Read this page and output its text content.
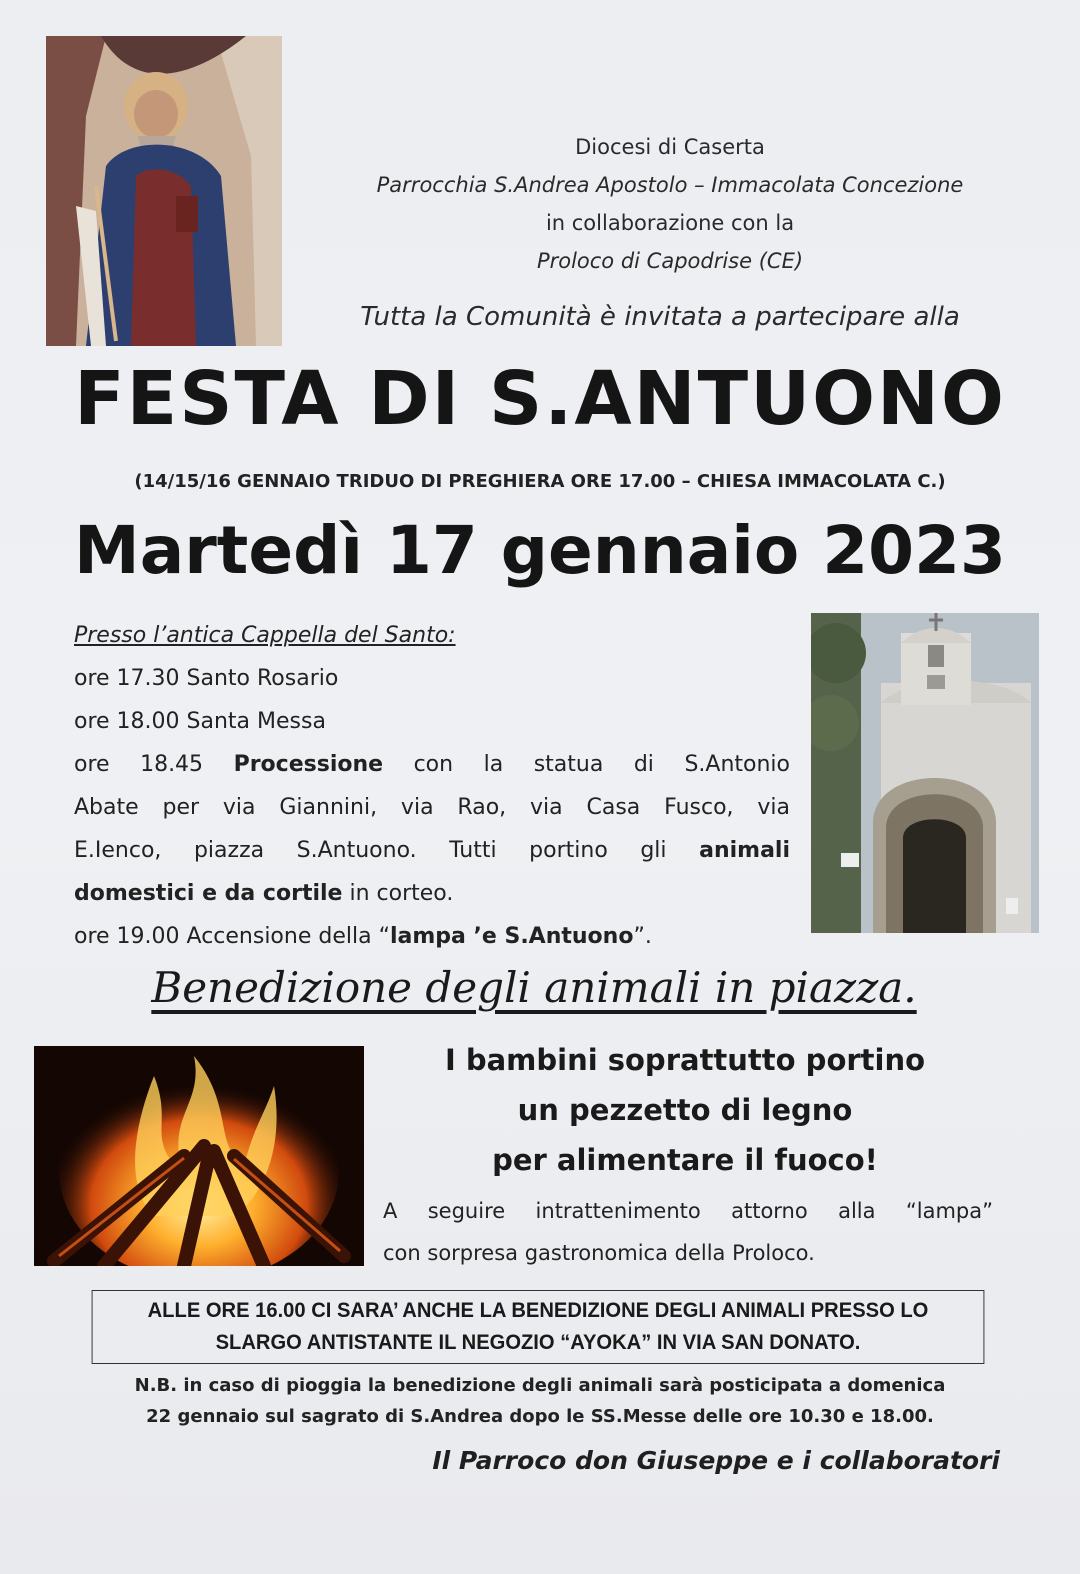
Diocesi di Caserta
Parrocchia S.Andrea Apostolo – Immacolata Concezione
in collaborazione con la
Proloco di Capodrise (CE)
Tutta la Comunità è invitata a partecipare alla
FESTA DI S.ANTUONO
(14/15/16 GENNAIO TRIDUO DI PREGHIERA ORE 17.00 – CHIESA IMMACOLATA C.)
Martedì 17 gennaio 2023
Presso l’antica Cappella del Santo:
ore 17.30 Santo Rosario
ore 18.00 Santa Messa
ore 18.45 Processione con la statua di S.Antonio
Abate per via Giannini, via Rao, via Casa Fusco, via
E.Ienco, piazza S.Antuono. Tutti portino gli animali
domestici e da cortile in corteo.
ore 19.00 Accensione della “lampa ’e S.Antuono”.
Benedizione degli animali in piazza.
I bambini soprattutto portino
un pezzetto di legno
per alimentare il fuoco!
A seguire intrattenimento attorno alla “lampa”
con sorpresa gastronomica della Proloco.
ALLE ORE 16.00 CI SARA’ ANCHE LA BENEDIZIONE DEGLI ANIMALI PRESSO LO
SLARGO ANTISTANTE IL NEGOZIO “AYOKA” IN VIA SAN DONATO.
N.B. in caso di pioggia la benedizione degli animali sarà posticipata a domenica
22 gennaio sul sagrato di S.Andrea dopo le SS.Messe delle ore 10.30 e 18.00.
Il Parroco don Giuseppe e i collaboratori
